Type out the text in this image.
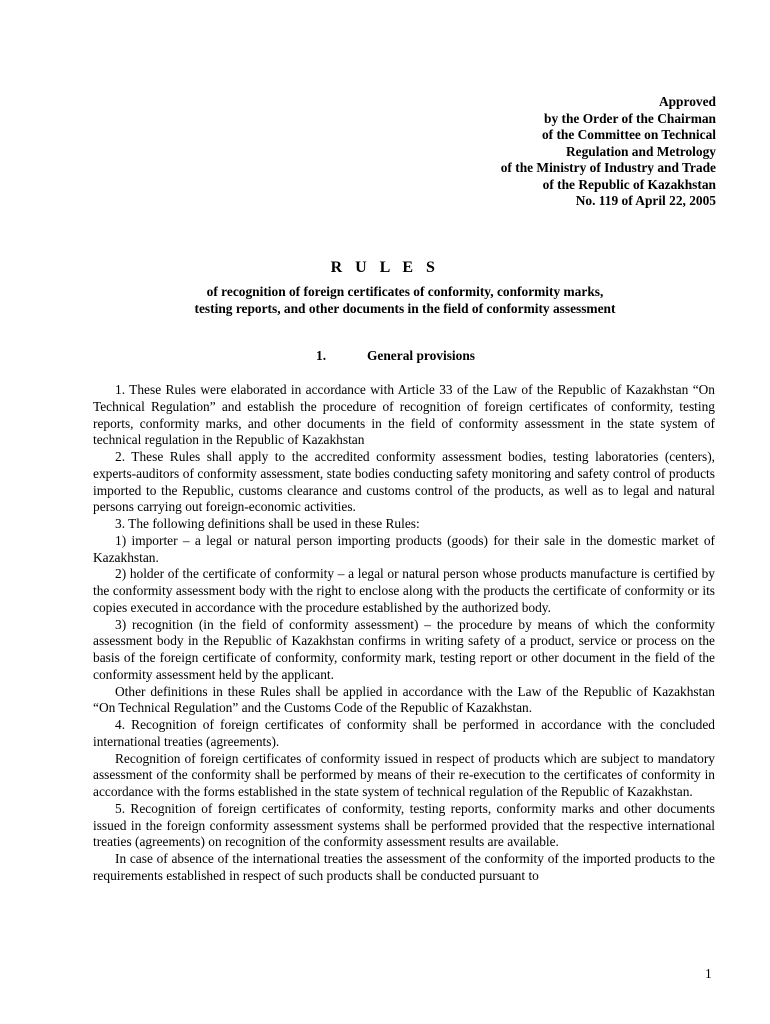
Approved
by the Order of the Chairman
of the Committee on Technical
Regulation and Metrology
of the Ministry of Industry and Trade
of the Republic of Kazakhstan
No. 119 of April 22, 2005
R U L E S
of recognition of foreign certificates of conformity, conformity marks,
testing reports, and other documents in the field of conformity assessment
1.	General provisions

1. These Rules were elaborated in accordance with Article 33 of the Law of the Republic of Kazakhstan “On Technical Regulation” and establish the procedure of recognition of foreign certificates of conformity, testing reports, conformity marks, and other documents in the field of conformity assessment in the state system of technical regulation in the Republic of Kazakhstan

2. These Rules shall apply to the accredited conformity assessment bodies, testing laboratories (centers), experts-auditors of conformity assessment, state bodies conducting safety monitoring and safety control of products imported to the Republic, customs clearance and customs control of the products, as well as to legal and natural persons carrying out foreign-economic activities.

3. The following definitions shall be used in these Rules:

1) importer – a legal or natural person importing products (goods) for their sale in the domestic market of Kazakhstan.

2) holder of the certificate of conformity – a legal or natural person whose products manufacture is certified by the conformity assessment body with the right to enclose along with the products the certificate of conformity or its copies executed in accordance with the procedure established by the authorized body.

3) recognition (in the field of conformity assessment) – the procedure by means of which the conformity assessment body in the Republic of Kazakhstan confirms in writing safety of a product, service or process on the basis of the foreign certificate of conformity, conformity mark, testing report or other document in the field of the conformity assessment held by the applicant.

Other definitions in these Rules shall be applied in accordance with the Law of the Republic of Kazakhstan “On Technical Regulation” and the Customs Code of the Republic of Kazakhstan.

4. Recognition of foreign certificates of conformity shall be performed in accordance with the concluded international treaties (agreements).

Recognition of foreign certificates of conformity issued in respect of products which are subject to mandatory assessment of the conformity shall be performed by means of their re-execution to the certificates of conformity in accordance with the forms established in the state system of technical regulation of the Republic of Kazakhstan.

5. Recognition of foreign certificates of conformity, testing reports, conformity marks and other documents issued in the foreign conformity assessment systems shall be performed provided that the respective international treaties (agreements) on recognition of the conformity assessment results are available.

In case of absence of the international treaties the assessment of the conformity of the imported products to the requirements established in respect of such products shall be conducted pursuant to

1
